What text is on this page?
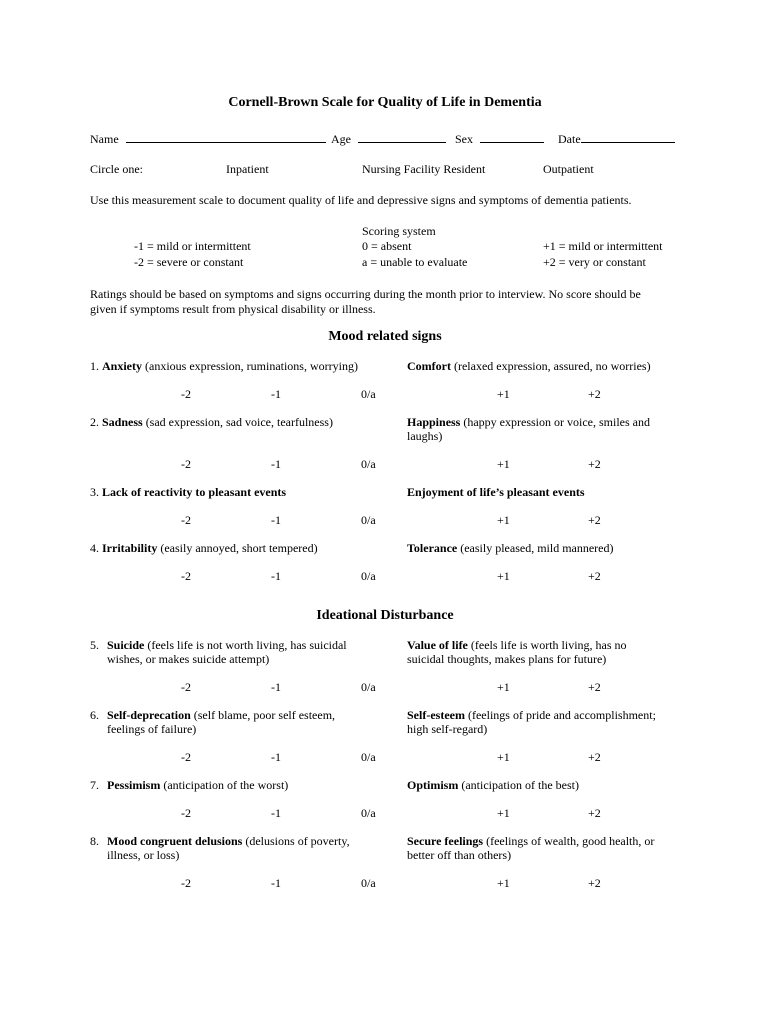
Cornell-Brown Scale for Quality of Life in Dementia
Name	Age	Sex	Date
Circle one:	Inpatient	Nursing Facility Resident	Outpatient
Use this measurement scale to document quality of life and depressive signs and symptoms of dementia patients.
Scoring system
-1 = mild or intermittent
-2 = severe or constant
0 = absent
a = unable to evaluate
+1 = mild or intermittent
+2 = very or constant
Ratings should be based on symptoms and signs occurring during the month prior to interview. No score should be
given if symptoms result from physical disability or illness.
Mood related signs
1. Anxiety (anxious expression, ruminations, worrying)	Comfort (relaxed expression, assured, no worries)
-2	-1	0/a	+1	+2
2. Sadness (sad expression, sad voice, tearfulness)	Happiness (happy expression or voice, smiles and laughs)
-2	-1	0/a	+1	+2
3. Lack of reactivity to pleasant events	Enjoyment of life’s pleasant events
-2	-1	0/a	+1	+2
4. Irritability (easily annoyed, short tempered)	Tolerance (easily pleased, mild mannered)
-2	-1	0/a	+1	+2
Ideational Disturbance
5. Suicide (feels life is not worth living, has suicidal wishes, or makes suicide attempt)
Value of life (feels life is worth living, has no suicidal thoughts, makes plans for future)
-2	-1	0/a	+1	+2
6. Self-deprecation (self blame, poor self esteem, feelings of failure)
Self-esteem (feelings of pride and accomplishment; high self-regard)
-2	-1	0/a	+1	+2
7. Pessimism (anticipation of the worst)	Optimism (anticipation of the best)
-2	-1	0/a	+1	+2
8. Mood congruent delusions (delusions of poverty, illness, or loss)
Secure feelings (feelings of wealth, good health, or better off than others)
-2	-1	0/a	+1	+2
